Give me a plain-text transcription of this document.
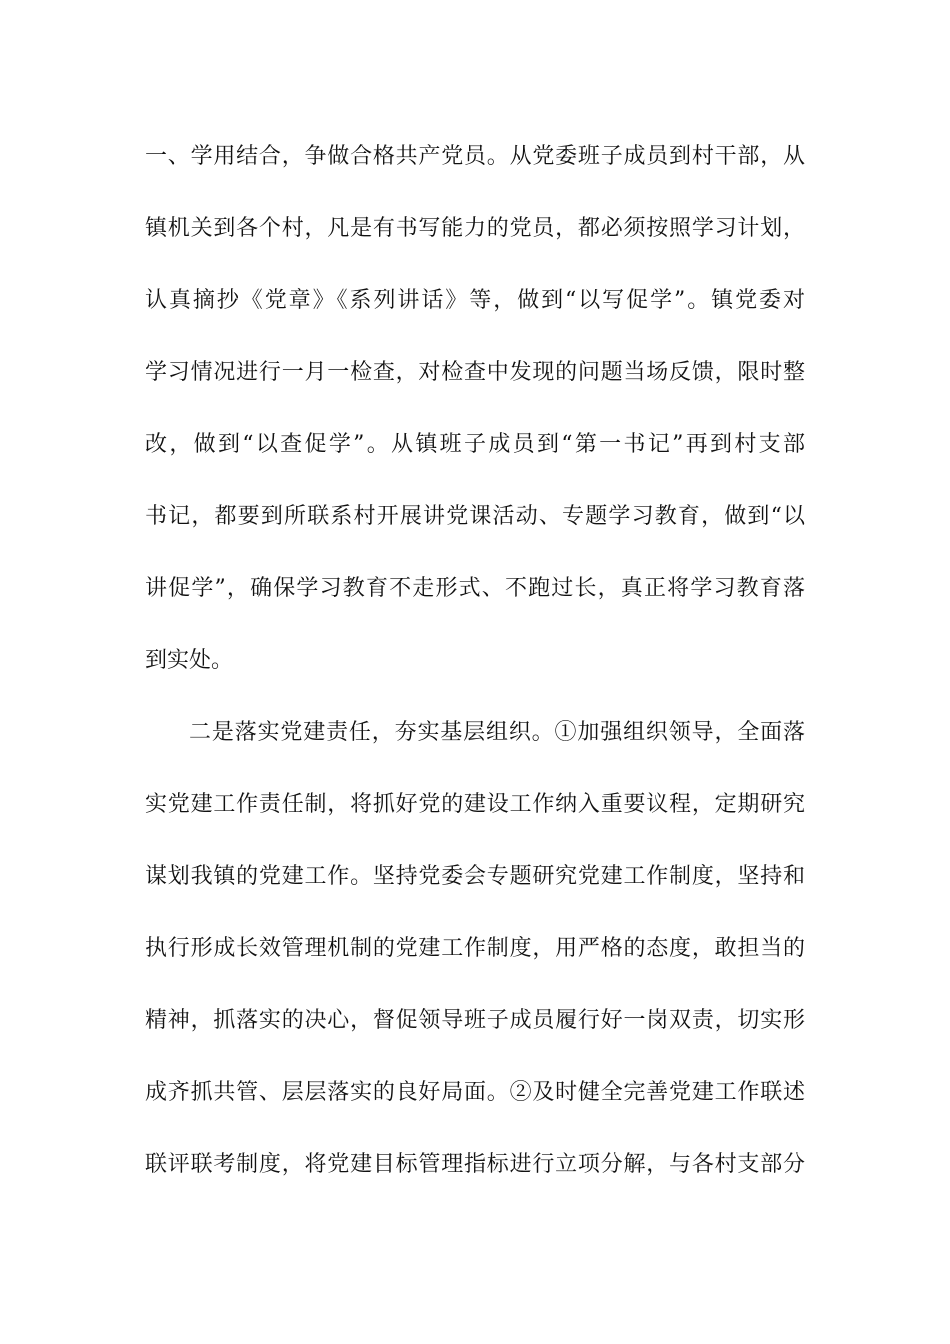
一、学用结合，争做合格共产党员。从党委班子成员到村干部，从
镇机关到各个村，凡是有书写能力的党员，都必须按照学习计划，
认真摘抄《党章》《系列讲话》等，做到“以写促学”。镇党委对
学习情况进行一月一检查，对检查中发现的问题当场反馈，限时整
改，做到“以查促学”。从镇班子成员到“第一书记”再到村支部
书记，都要到所联系村开展讲党课活动、专题学习教育，做到“以
讲促学”，确保学习教育不走形式、不跑过长，真正将学习教育落
到实处。
二是落实党建责任，夯实基层组织。①加强组织领导，全面落
实党建工作责任制，将抓好党的建设工作纳入重要议程，定期研究
谋划我镇的党建工作。坚持党委会专题研究党建工作制度，坚持和
执行形成长效管理机制的党建工作制度，用严格的态度，敢担当的
精神，抓落实的决心，督促领导班子成员履行好一岗双责，切实形
成齐抓共管、层层落实的良好局面。②及时健全完善党建工作联述
联评联考制度，将党建目标管理指标进行立项分解，与各村支部分
